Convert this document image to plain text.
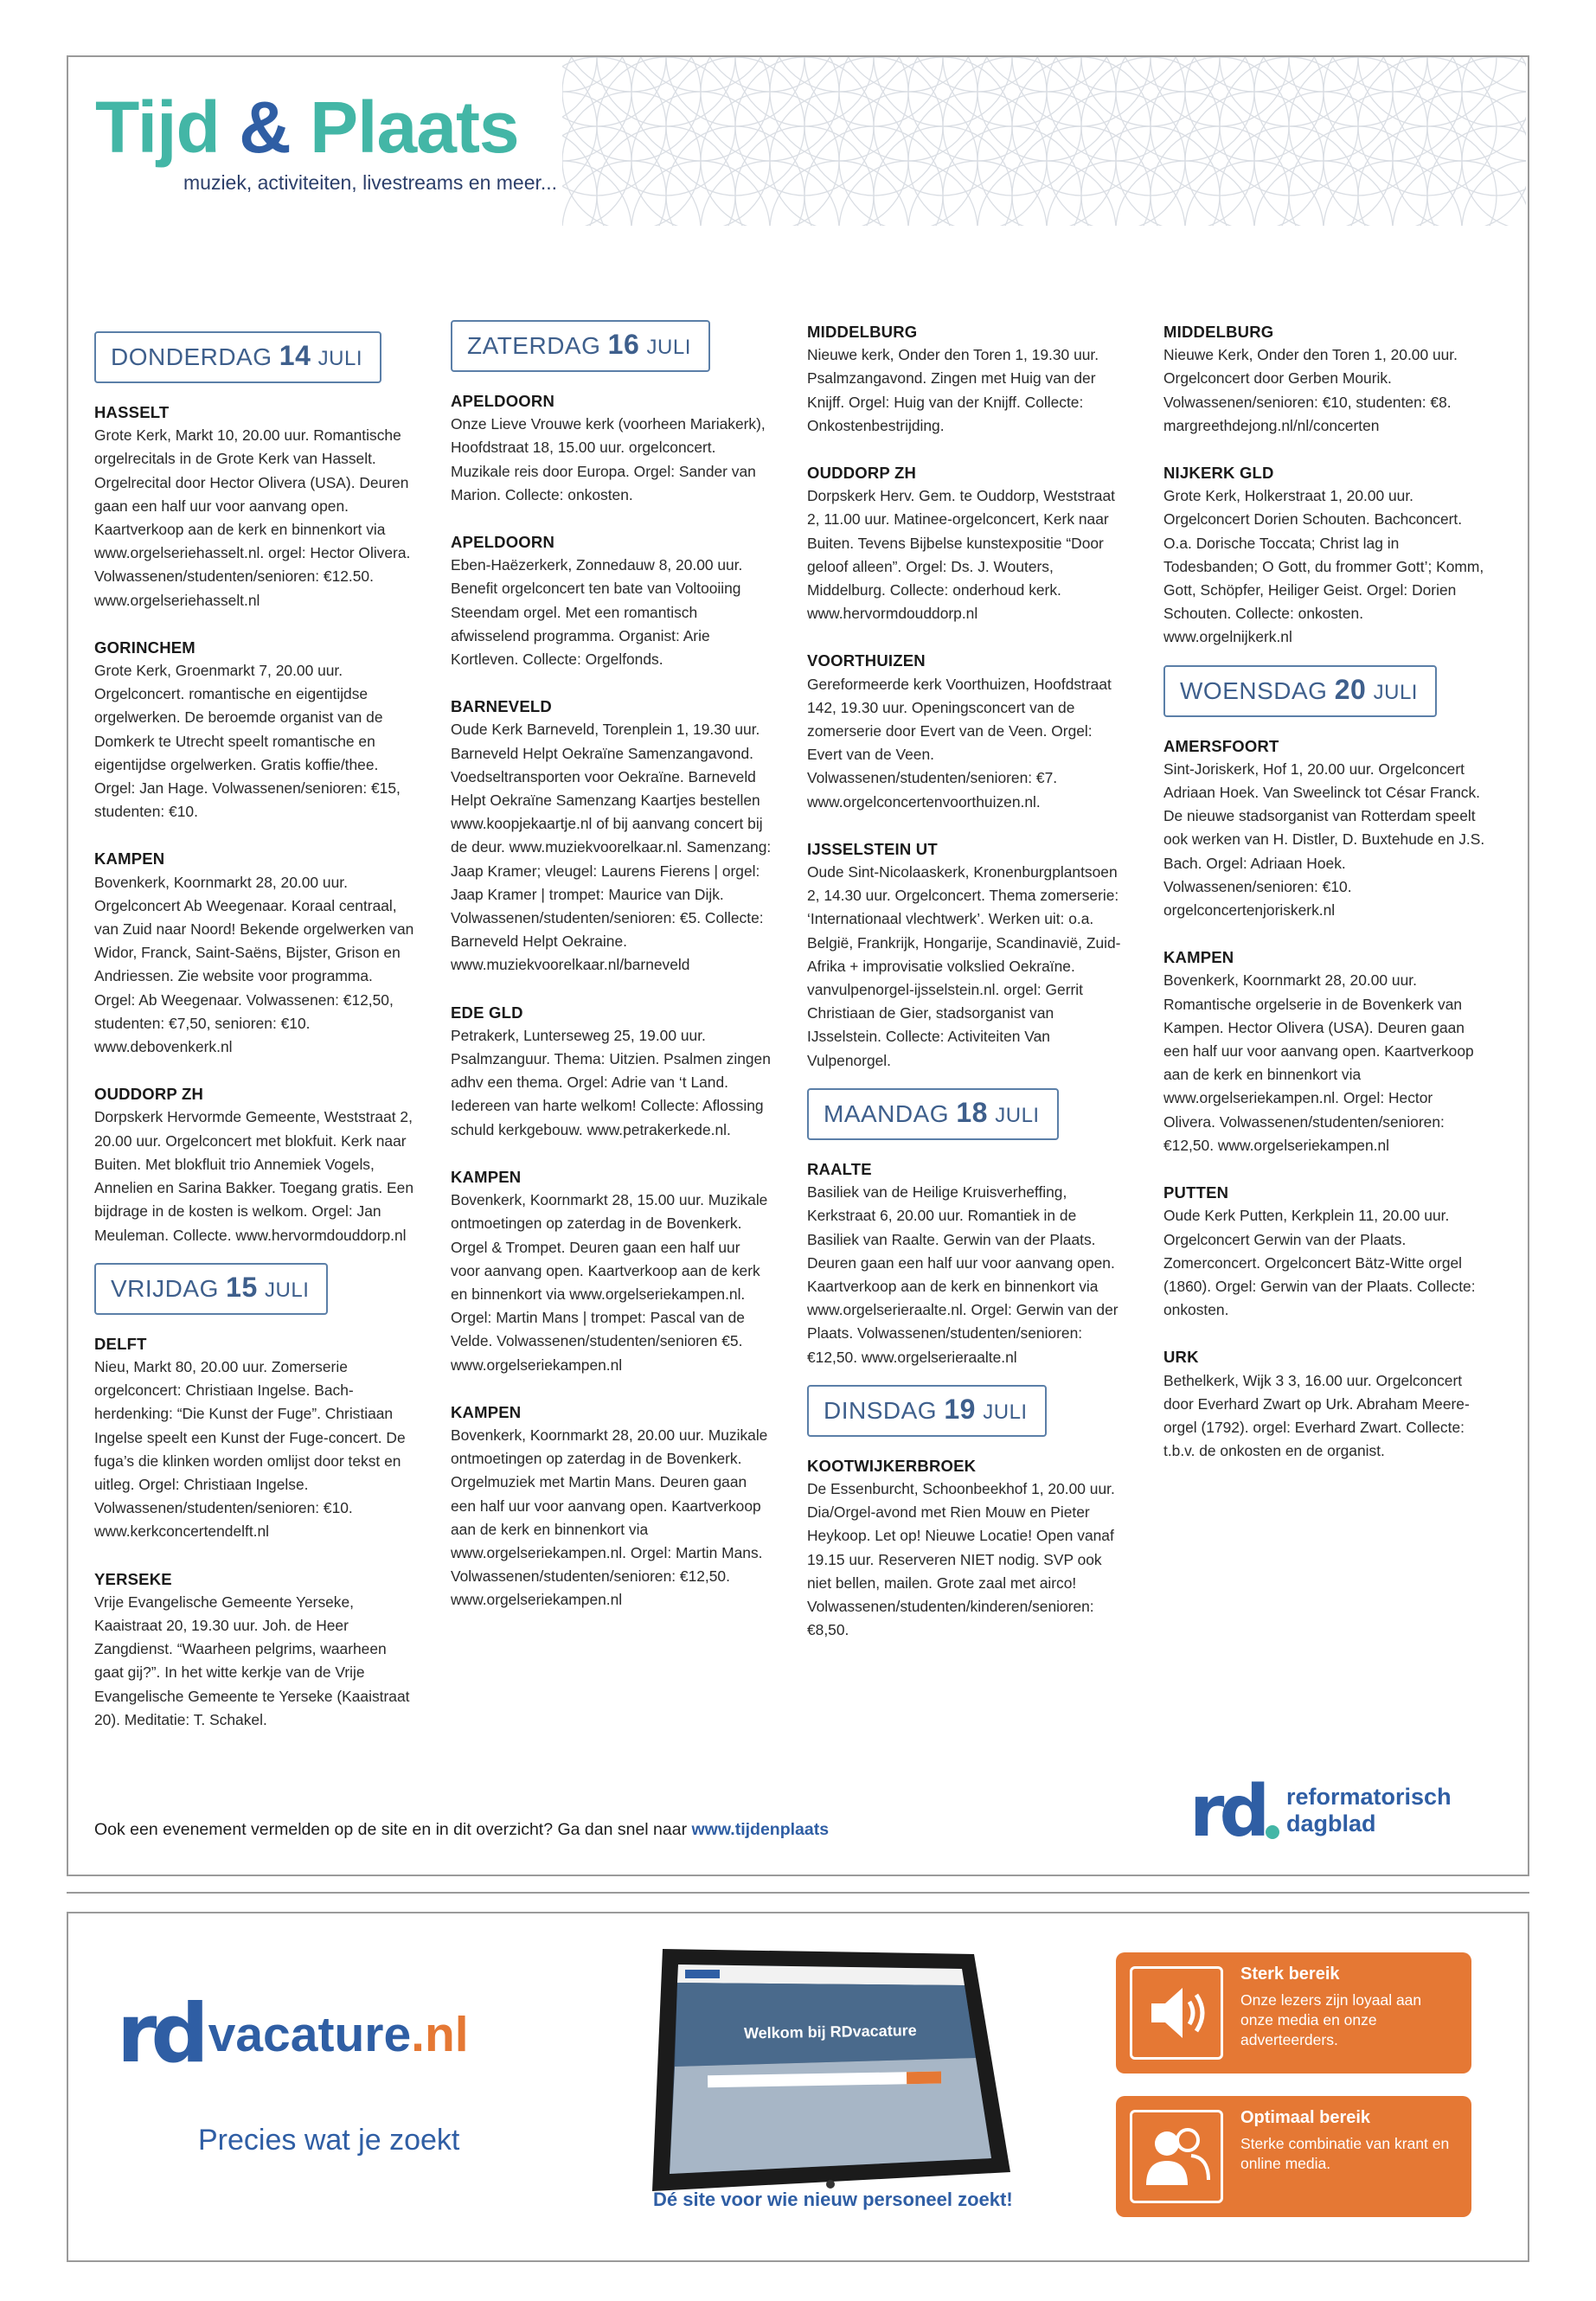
Tijd & Plaats
muziek, activiteiten, livestreams en meer...
DONDERDAG 14 JULI
HASSELT
Grote Kerk, Markt 10, 20.00 uur. Romantische orgelrecitals in de Grote Kerk van Hasselt. Orgelrecital door Hector Olivera (USA). Deuren gaan een half uur voor aanvang open. Kaartverkoop aan de kerk en binnenkort via www.orgelseriehasselt.nl. orgel: Hector Olivera. Volwassenen/studenten/senioren: €12.50. www.orgelseriehasselt.nl
GORINCHEM
Grote Kerk, Groenmarkt 7, 20.00 uur. Orgelconcert. romantische en eigentijdse orgelwerken. De beroemde organist van de Domkerk te Utrecht speelt romantische en eigentijdse orgelwerken. Gratis koffie/thee. Orgel: Jan Hage. Volwassenen/senioren: €15, studenten: €10.
KAMPEN
Bovenkerk, Koornmarkt 28, 20.00 uur. Orgelconcert Ab Weegenaar. Koraal centraal, van Zuid naar Noord! Bekende orgelwerken van Widor, Franck, Saint-Saëns, Bijster, Grison en Andriessen. Zie website voor programma. Orgel: Ab Weegenaar. Volwassenen: €12,50, studenten: €7,50, senioren: €10. www.debovenkerk.nl
OUDDORP ZH
Dorpskerk Hervormde Gemeente, Weststraat 2, 20.00 uur. Orgelconcert met blokfuit. Kerk naar Buiten. Met blokfluit trio Annemiek Vogels, Annelien en Sarina Bakker. Toegang gratis. Een bijdrage in de kosten is welkom. Orgel: Jan Meuleman. Collecte. www.hervormdouddorp.nl
VRIJDAG 15 JULI
DELFT
Nieu, Markt 80, 20.00 uur. Zomerserie orgelconcert: Christiaan Ingelse. Bach-herdenking: “Die Kunst der Fuge”. Christiaan Ingelse speelt een Kunst der Fuge-concert. De fuga’s die klinken worden omlijst door tekst en uitleg. Orgel: Christiaan Ingelse. Volwassenen/studenten/senioren: €10. www.kerkconcertendelft.nl
YERSEKE
Vrije Evangelische Gemeente Yerseke, Kaaistraat 20, 19.30 uur. Joh. de Heer Zangdienst. “Waarheen pelgrims, waarheen gaat gij?”. In het witte kerkje van de Vrije Evangelische Gemeente te Yerseke (Kaaistraat 20). Meditatie: T. Schakel.
ZATERDAG 16 JULI
APELDOORN
Onze Lieve Vrouwe kerk (voorheen Mariakerk), Hoofdstraat 18, 15.00 uur. orgelconcert. Muzikale reis door Europa. Orgel: Sander van Marion. Collecte: onkosten.
APELDOORN
Eben-Haëzerkerk, Zonnedauw 8, 20.00 uur. Benefit orgelconcert ten bate van Voltooiing Steendam orgel. Met een romantisch afwisselend programma. Organist: Arie Kortleven. Collecte: Orgelfonds.
BARNEVELD
Oude Kerk Barneveld, Torenplein 1, 19.30 uur. Barneveld Helpt Oekraïne Samenzangavond. Voedseltransporten voor Oekraïne. Barneveld Helpt Oekraïne Samenzang Kaartjes bestellen www.koopjekaartje.nl of bij aanvang concert bij de deur. www.muziekvoorelkaar.nl. Samenzang: Jaap Kramer; vleugel: Laurens Fierens | orgel: Jaap Kramer | trompet: Maurice van Dijk. Volwassenen/studenten/senioren: €5. Collecte: Barneveld Helpt Oekraine. www.muziekvoorelkaar.nl/barneveld
EDE GLD
Petrakerk, Lunterseweg 25, 19.00 uur. Psalmzanguur. Thema: Uitzien. Psalmen zingen adhv een thema. Orgel: Adrie van ‘t Land. Iedereen van harte welkom! Collecte: Aflossing schuld kerkgebouw. www.petrakerkede.nl.
KAMPEN
Bovenkerk, Koornmarkt 28, 15.00 uur. Muzikale ontmoetingen op zaterdag in de Bovenkerk. Orgel & Trompet. Deuren gaan een half uur voor aanvang open. Kaartverkoop aan de kerk en binnenkort via www.orgelseriekampen.nl. Orgel: Martin Mans | trompet: Pascal van de Velde. Volwassenen/studenten/senioren €5. www.orgelseriekampen.nl
KAMPEN
Bovenkerk, Koornmarkt 28, 20.00 uur. Muzikale ontmoetingen op zaterdag in de Bovenkerk. Orgelmuziek met Martin Mans. Deuren gaan een half uur voor aanvang open. Kaartverkoop aan de kerk en binnenkort via www.orgelseriekampen.nl. Orgel: Martin Mans. Volwassenen/studenten/senioren: €12,50. www.orgelseriekampen.nl
MIDDELBURG
Nieuwe kerk, Onder den Toren 1, 19.30 uur. Psalmzangavond. Zingen met Huig van der Knijff. Orgel: Huig van der Knijff. Collecte: Onkostenbestrijding.
OUDDORP ZH
Dorpskerk Herv. Gem. te Ouddorp, Weststraat 2, 11.00 uur. Matinee-orgelconcert, Kerk naar Buiten. Tevens Bijbelse kunstexpositie “Door geloof alleen”. Orgel: Ds. J. Wouters, Middelburg. Collecte: onderhoud kerk. www.hervormdouddorp.nl
VOORTHUIZEN
Gereformeerde kerk Voorthuizen, Hoofdstraat 142, 19.30 uur. Openingsconcert van de zomerserie door Evert van de Veen. Orgel: Evert van de Veen. Volwassenen/studenten/senioren: €7. www.orgelconcertenvoorthuizen.nl.
IJSSELSTEIN UT
Oude Sint-Nicolaaskerk, Kronenburgplantsoen 2, 14.30 uur. Orgelconcert. Thema zomerserie: ‘Internationaal vlechtwerk’. Werken uit: o.a. België, Frankrijk, Hongarije, Scandinavië, Zuid-Afrika + improvisatie volkslied Oekraïne. vanvulpenorgel-ijsselstein.nl. orgel: Gerrit Christiaan de Gier, stadsorganist van IJsselstein. Collecte: Activiteiten Van Vulpenorgel.
MAANDAG 18 JULI
RAALTE
Basiliek van de Heilige Kruisverheffing, Kerkstraat 6, 20.00 uur. Romantiek in de Basiliek van Raalte. Gerwin van der Plaats. Deuren gaan een half uur voor aanvang open. Kaartverkoop aan de kerk en binnenkort via www.orgelserieraalte.nl. Orgel: Gerwin van der Plaats. Volwassenen/studenten/senioren: €12,50. www.orgelserieraalte.nl
DINSDAG 19 JULI
KOOTWIJKERBROEK
De Essenburcht, Schoonbeekhof 1, 20.00 uur. Dia/Orgel-avond met Rien Mouw en Pieter Heykoop. Let op! Nieuwe Locatie! Open vanaf 19.15 uur. Reserveren NIET nodig. SVP ook niet bellen, mailen. Grote zaal met airco! Volwassenen/studenten/kinderen/senioren: €8,50.
MIDDELBURG
Nieuwe Kerk, Onder den Toren 1, 20.00 uur. Orgelconcert door Gerben Mourik. Volwassenen/senioren: €10, studenten: €8. margreethdejong.nl/nl/concerten
NIJKERK GLD
Grote Kerk, Holkerstraat 1, 20.00 uur. Orgelconcert Dorien Schouten. Bachconcert. O.a. Dorische Toccata; Christ lag in Todesbanden; O Gott, du frommer Gott’; Komm, Gott, Schöpfer, Heiliger Geist. Orgel: Dorien Schouten. Collecte: onkosten. www.orgelnijkerk.nl
WOENSDAG 20 JULI
AMERSFOORT
Sint-Joriskerk, Hof 1, 20.00 uur. Orgelconcert Adriaan Hoek. Van Sweelinck tot César Franck. De nieuwe stadsorganist van Rotterdam speelt ook werken van H. Distler, D. Buxtehude en J.S. Bach. Orgel: Adriaan Hoek. Volwassenen/senioren: €10. orgelconcertenjoriskerk.nl
KAMPEN
Bovenkerk, Koornmarkt 28, 20.00 uur. Romantische orgelserie in de Bovenkerk van Kampen. Hector Olivera (USA). Deuren gaan een half uur voor aanvang open. Kaartverkoop aan de kerk en binnenkort via www.orgelseriekampen.nl. Orgel: Hector Olivera. Volwassenen/studenten/senioren: €12,50. www.orgelseriekampen.nl
PUTTEN
Oude Kerk Putten, Kerkplein 11, 20.00 uur. Orgelconcert Gerwin van der Plaats. Zomerconcert. Orgelconcert Bätz-Witte orgel (1860). Orgel: Gerwin van der Plaats. Collecte: onkosten.
URK
Bethelkerk, Wijk 3 3, 16.00 uur. Orgelconcert door Everhard Zwart op Urk. Abraham Meere-orgel (1792). orgel: Everhard Zwart. Collecte: t.b.v. de onkosten en de organist.
Ook een evenement vermelden op de site en in dit overzicht? Ga dan snel naar www.tijdenplaats	rd reformatorisch
dagblad
rd vacature.nl
Precies wat je zoekt
Welkom bij RDvacature
Dé site voor wie nieuw personeel zoekt!
Sterk bereik
Onze lezers zijn loyaal aan onze media en onze adverteerders.
Optimaal bereik
Sterke combinatie van krant en online media.
